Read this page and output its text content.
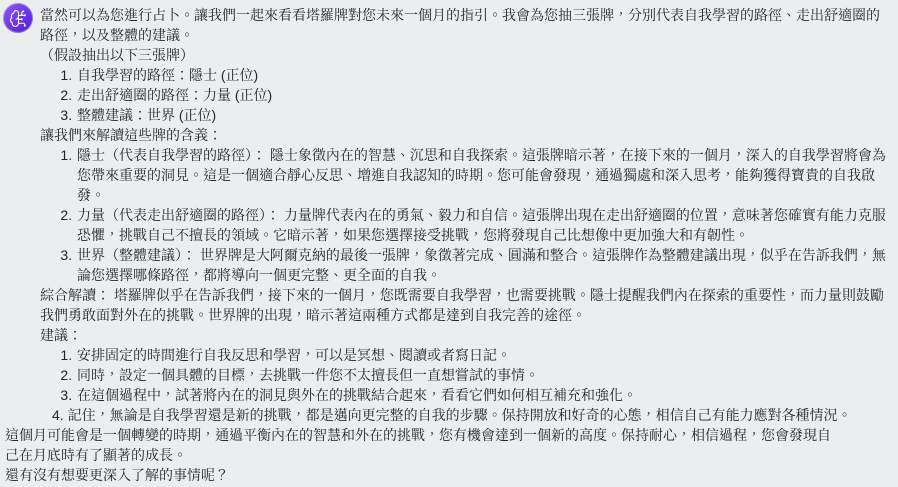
當然可以為您進行占卜。讓我們一起來看看塔羅牌對您未來一個月的指引。我會為您抽三張牌，分別代表自我學習的路徑、走出舒適圈的路徑，以及整體的建議。

（假設抽出以下三張牌）

1. 自我學習的路徑：隱士 (正位)
2. 走出舒適圈的路徑：力量 (正位)
3. 整體建議：世界 (正位)

讓我們來解讀這些牌的含義：

1. 隱士（代表自我學習的路徑）： 隱士象徵內在的智慧、沉思和自我探索。這張牌暗示著，在接下來的一個月，深入的自我學習將會為您帶來重要的洞見。這是一個適合靜心反思、增進自我認知的時期。您可能會發現，通過獨處和深入思考，能夠獲得寶貴的自我啟發。
2. 力量（代表走出舒適圈的路徑）： 力量牌代表內在的勇氣、毅力和自信。這張牌出現在走出舒適圈的位置，意味著您確實有能力克服恐懼，挑戰自己不擅長的領域。它暗示著，如果您選擇接受挑戰，您將發現自己比想像中更加強大和有韌性。
3. 世界（整體建議）： 世界牌是大阿爾克納的最後一張牌，象徵著完成、圓滿和整合。這張牌作為整體建議出現，似乎在告訴我們，無論您選擇哪條路徑，都將導向一個更完整、更全面的自我。

綜合解讀： 塔羅牌似乎在告訴我們，接下來的一個月，您既需要自我學習，也需要挑戰。隱士提醒我們內在探索的重要性，而力量則鼓勵我們勇敢面對外在的挑戰。世界牌的出現，暗示著這兩種方式都是達到自我完善的途徑。

建議：

1. 安排固定的時間進行自我反思和學習，可以是冥想、閱讀或者寫日記。
2. 同時，設定一個具體的目標，去挑戰一件您不太擅長但一直想嘗試的事情。
3. 在這個過程中，試著將內在的洞見與外在的挑戰結合起來，看看它們如何相互補充和強化。

4. 記住，無論是自我學習還是新的挑戰，都是邁向更完整的自我的步驟。保持開放和好奇的心態，相信自己有能力應對各種情況。

這個月可能會是一個轉變的時期，通過平衡內在的智慧和外在的挑戰，您有機會達到一個新的高度。保持耐心，相信過程，您會發現自己在月底時有了顯著的成長。

還有沒有想要更深入了解的事情呢？
